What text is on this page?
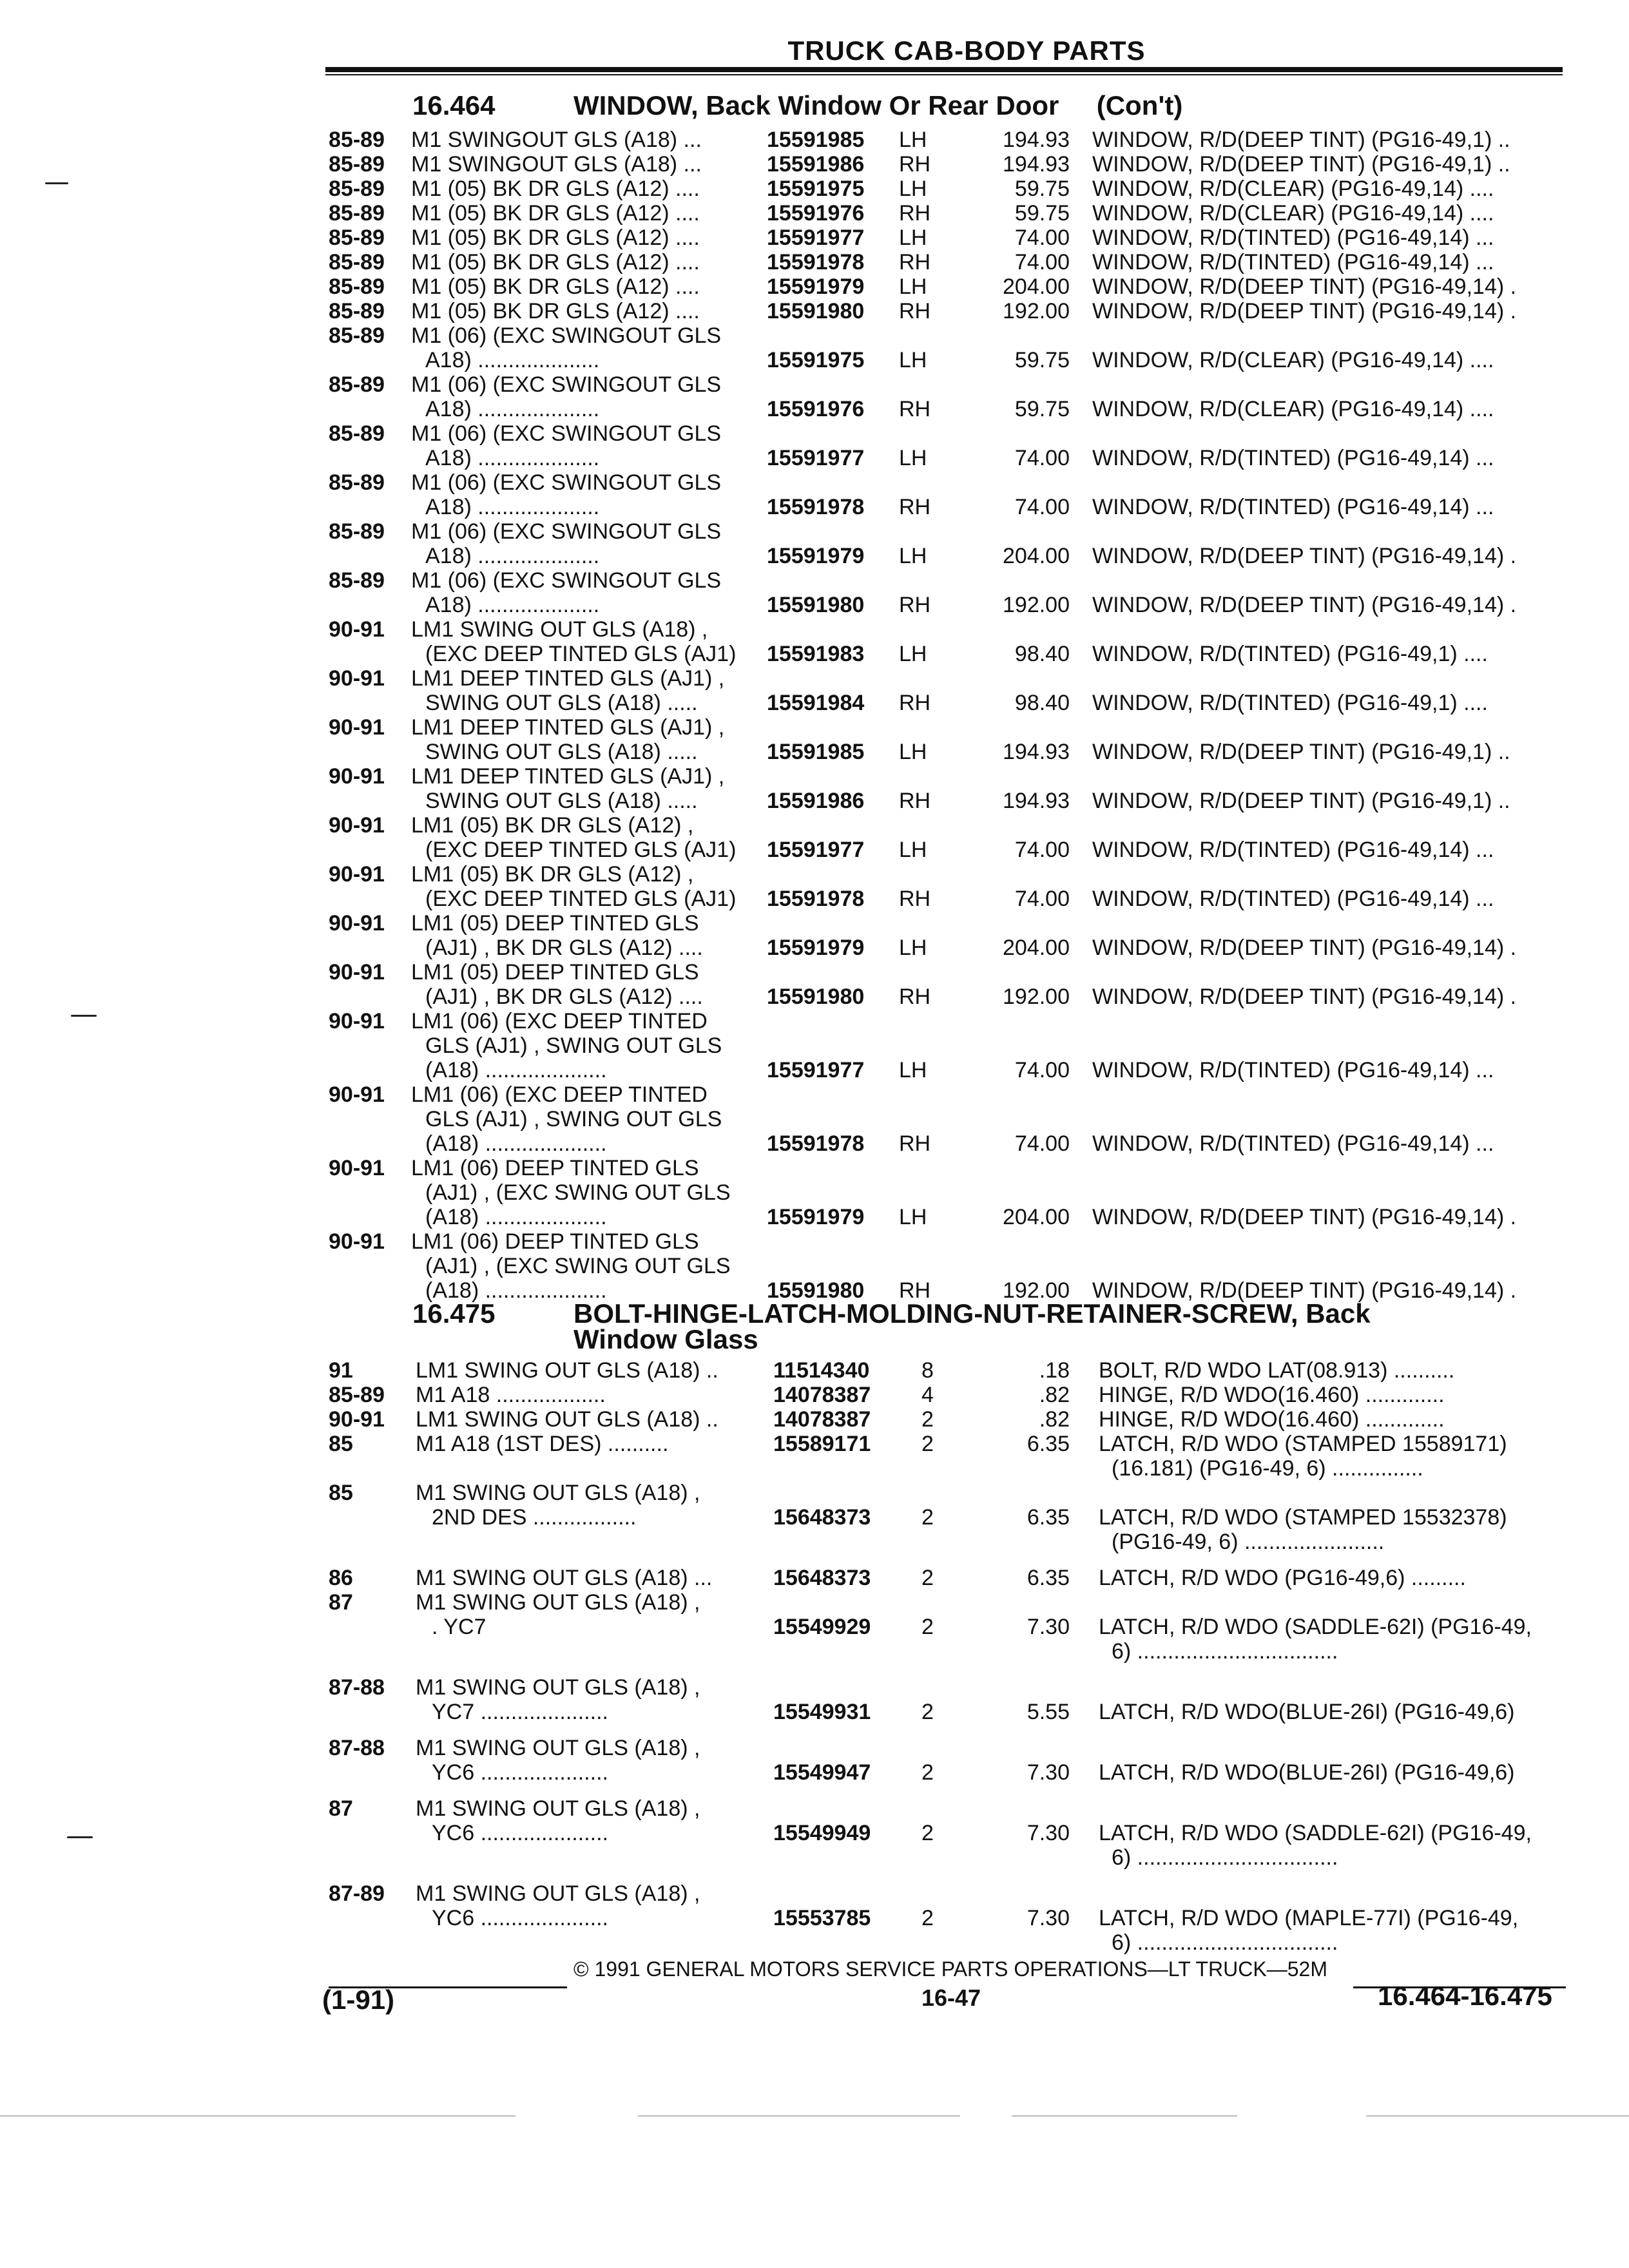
TRUCK CAB-BODY PARTS
16.464	WINDOW, Back Window Or Rear Door (Con't)
85-89 M1 SWINGOUT GLS (A18) ...	15591985 LH	194.93 WINDOW, R/D(DEEP TINT) (PG16-49,1) ..
85-89 M1 SWINGOUT GLS (A18) ...	15591986 RH	194.93 WINDOW, R/D(DEEP TINT) (PG16-49,1) ..
85-89 M1 (05) BK DR GLS (A12) ....	15591975 LH	59.75 WINDOW, R/D(CLEAR) (PG16-49,14) ....
85-89 M1 (05) BK DR GLS (A12) ....	15591976 RH	59.75 WINDOW, R/D(CLEAR) (PG16-49,14) ....
85-89 M1 (05) BK DR GLS (A12) ....	15591977 LH	74.00 WINDOW, R/D(TINTED) (PG16-49,14) ...
85-89 M1 (05) BK DR GLS (A12) ....	15591978 RH	74.00 WINDOW, R/D(TINTED) (PG16-49,14) ...
85-89 M1 (05) BK DR GLS (A12) ....	15591979 LH	204.00 WINDOW, R/D(DEEP TINT) (PG16-49,14) .
85-89 M1 (05) BK DR GLS (A12) ....	15591980 RH	192.00 WINDOW, R/D(DEEP TINT) (PG16-49,14) .
85-89 M1 (06) (EXC SWINGOUT GLS
A18) ....................	15591975 LH	59.75 WINDOW, R/D(CLEAR) (PG16-49,14) ....
85-89 M1 (06) (EXC SWINGOUT GLS
A18) ....................	15591976 RH	59.75 WINDOW, R/D(CLEAR) (PG16-49,14) ....
85-89 M1 (06) (EXC SWINGOUT GLS
A18) ....................	15591977 LH	74.00 WINDOW, R/D(TINTED) (PG16-49,14) ...
85-89 M1 (06) (EXC SWINGOUT GLS
A18) ....................	15591978 RH	74.00 WINDOW, R/D(TINTED) (PG16-49,14) ...
85-89 M1 (06) (EXC SWINGOUT GLS
A18) ....................	15591979 LH	204.00 WINDOW, R/D(DEEP TINT) (PG16-49,14) .
85-89 M1 (06) (EXC SWINGOUT GLS
A18) ....................	15591980 RH	192.00 WINDOW, R/D(DEEP TINT) (PG16-49,14) .
90-91 LM1 SWING OUT GLS (A18) ,
(EXC DEEP TINTED GLS (AJ1) 15591983 LH	98.40 WINDOW, R/D(TINTED) (PG16-49,1) ....
90-91 LM1 DEEP TINTED GLS (AJ1) ,
SWING OUT GLS (A18) .....	15591984 RH	98.40 WINDOW, R/D(TINTED) (PG16-49,1) ....
90-91 LM1 DEEP TINTED GLS (AJ1) ,
SWING OUT GLS (A18) .....	15591985 LH	194.93 WINDOW, R/D(DEEP TINT) (PG16-49,1) ..
90-91 LM1 DEEP TINTED GLS (AJ1) ,
SWING OUT GLS (A18) .....	15591986 RH	194.93 WINDOW, R/D(DEEP TINT) (PG16-49,1) ..
90-91 LM1 (05) BK DR GLS (A12) ,
(EXC DEEP TINTED GLS (AJ1) 15591977 LH	74.00 WINDOW, R/D(TINTED) (PG16-49,14) ...
90-91 LM1 (05) BK DR GLS (A12) ,
(EXC DEEP TINTED GLS (AJ1) 15591978 RH	74.00 WINDOW, R/D(TINTED) (PG16-49,14) ...
90-91 LM1 (05) DEEP TINTED GLS
(AJ1) , BK DR GLS (A12) ....	15591979 LH	204.00 WINDOW, R/D(DEEP TINT) (PG16-49,14) .
90-91 LM1 (05) DEEP TINTED GLS
(AJ1) , BK DR GLS (A12) ....	15591980 RH	192.00 WINDOW, R/D(DEEP TINT) (PG16-49,14) .
90-91 LM1 (06) (EXC DEEP TINTED
GLS (AJ1) , SWING OUT GLS
(A18) ....................	15591977 LH	74.00 WINDOW, R/D(TINTED) (PG16-49,14) ...
90-91 LM1 (06) (EXC DEEP TINTED
GLS (AJ1) , SWING OUT GLS
(A18) ....................	15591978 RH	74.00 WINDOW, R/D(TINTED) (PG16-49,14) ...
90-91 LM1 (06) DEEP TINTED GLS
(AJ1) , (EXC SWING OUT GLS
(A18) ....................	15591979 LH	204.00 WINDOW, R/D(DEEP TINT) (PG16-49,14) .
90-91 LM1 (06) DEEP TINTED GLS
(AJ1) , (EXC SWING OUT GLS
(A18) ....................	15591980 RH	192.00 WINDOW, R/D(DEEP TINT) (PG16-49,14) .
16.475	BOLT-HINGE-LATCH-MOLDING-NUT-RETAINER-SCREW, Back
Window Glass
91	LM1 SWING OUT GLS (A18) ..	11514340 8	.18 BOLT, R/D WDO LAT(08.913) ..........
85-89 M1 A18 ..................	14078387 4	.82 HINGE, R/D WDO(16.460) .............
90-91 LM1 SWING OUT GLS (A18) ..	14078387 2	.82 HINGE, R/D WDO(16.460) .............
85	M1 A18 (1ST DES) ..........	15589171 2	6.35 LATCH, R/D WDO (STAMPED 15589171)
(16.181) (PG16-49, 6) ...............
85	M1 SWING OUT GLS (A18) ,
2ND DES .................	15648373 2	6.35 LATCH, R/D WDO (STAMPED 15532378)
(PG16-49, 6) .......................
86	M1 SWING OUT GLS (A18) ...	15648373 2	6.35 LATCH, R/D WDO (PG16-49,6) .........
87	M1 SWING OUT GLS (A18) ,
. YC7	15549929 2	7.30 LATCH, R/D WDO (SADDLE-62I) (PG16-49,
6) .................................
87-88 M1 SWING OUT GLS (A18) ,
YC7 .....................	15549931 2	5.55 LATCH, R/D WDO(BLUE-26I) (PG16-49,6)
87-88 M1 SWING OUT GLS (A18) ,
YC6 .....................	15549947 2	7.30 LATCH, R/D WDO(BLUE-26I) (PG16-49,6)
87	M1 SWING OUT GLS (A18) ,
YC6 .....................	15549949 2	7.30 LATCH, R/D WDO (SADDLE-62I) (PG16-49,
6) .................................
87-89 M1 SWING OUT GLS (A18) ,
YC6 .....................	15553785 2	7.30 LATCH, R/D WDO (MAPLE-77I) (PG16-49,
6) .................................
© 1991 GENERAL MOTORS SERVICE PARTS OPERATIONS—LT TRUCK—52M
(1-91)	16-47	16.464-16.475
